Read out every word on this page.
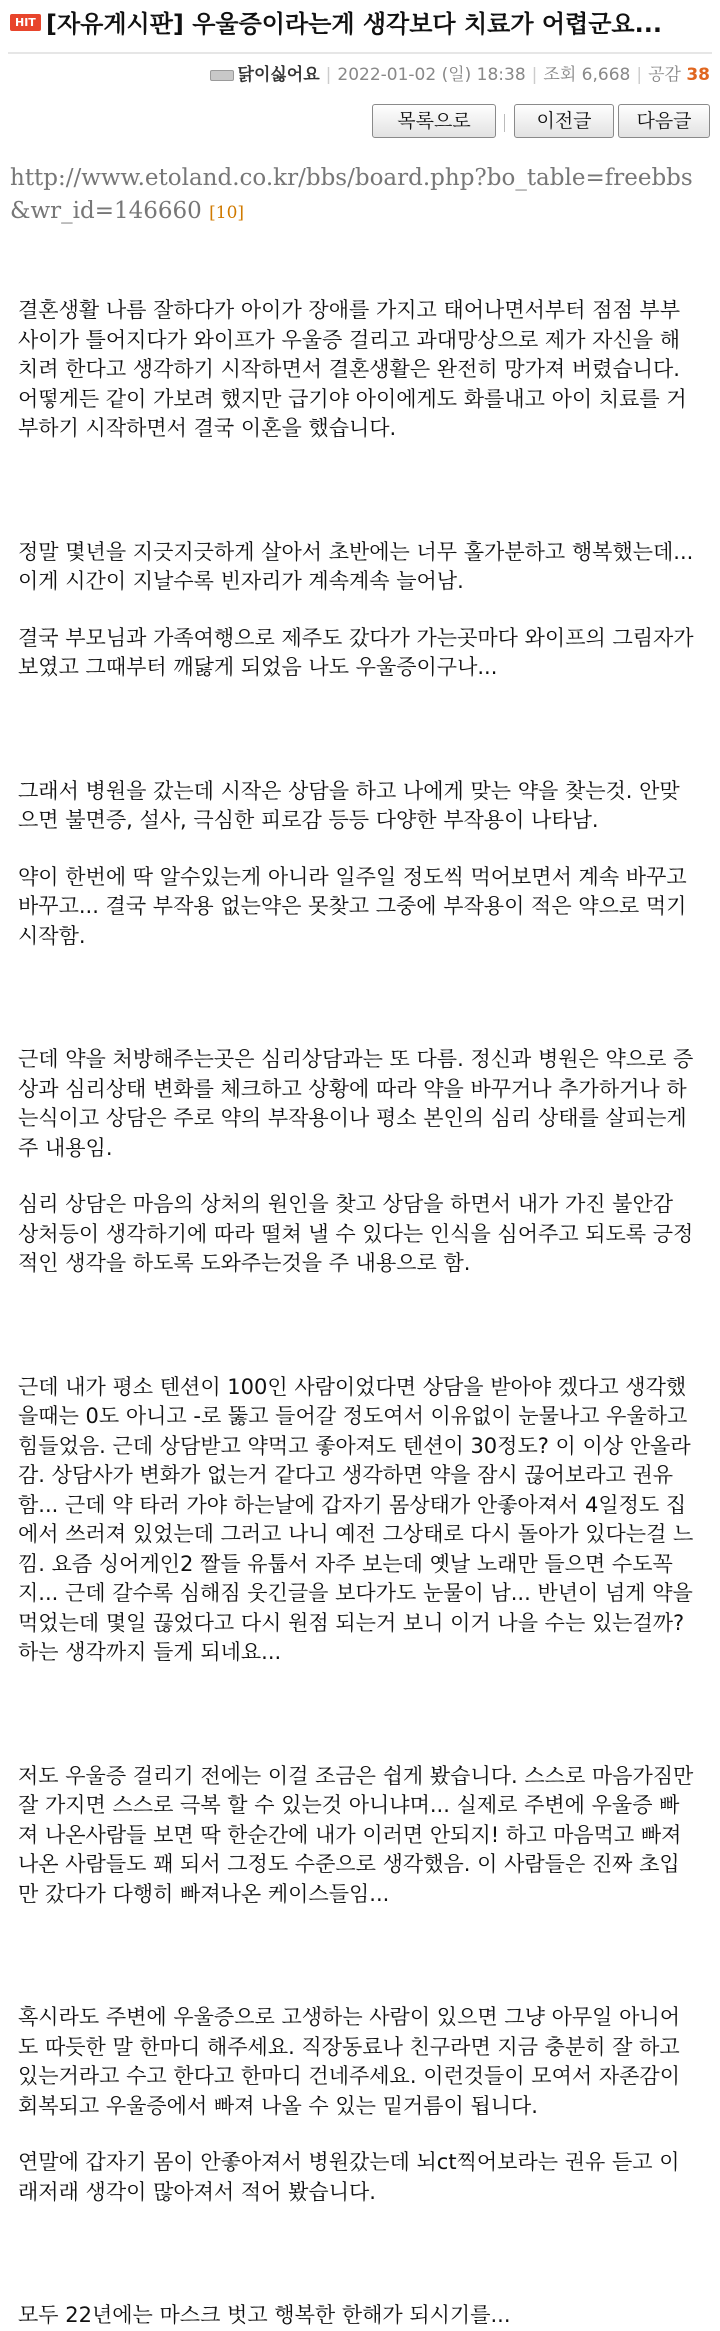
HIT [자유게시판] 우울증이라는게 생각보다 치료가 어렵군요...
닭이싫어요 | 2022-01-02 (일) 18:38 | 조회 6,668 | 공감 38
목록으로	이전글	다음글
http://www.etoland.co.kr/bbs/board.php?bo_table=freebbs&wr_id=146660 [10]

결혼생활 나름 잘하다가 아이가 장애를 가지고 태어나면서부터 점점 부부사이가 틀어지다가 와이프가 우울증 걸리고 과대망상으로 제가 자신을 해치려 한다고 생각하기 시작하면서 결혼생활은 완전히 망가져 버렸습니다. 어떻게든 같이 가보려 했지만 급기야 아이에게도 화를내고 아이 치료를 거부하기 시작하면서 결국 이혼을 했습니다.

정말 몇년을 지긋지긋하게 살아서 초반에는 너무 홀가분하고 행복했는데... 이게 시간이 지날수록 빈자리가 계속계속 늘어남.

결국 부모님과 가족여행으로 제주도 갔다가 가는곳마다 와이프의 그림자가 보였고 그때부터 깨닳게 되었음 나도 우울증이구나...

그래서 병원을 갔는데 시작은 상담을 하고 나에게 맞는 약을 찾는것. 안맞으면 불면증, 설사, 극심한 피로감 등등 다양한 부작용이 나타남.

약이 한번에 딱 알수있는게 아니라 일주일 정도씩 먹어보면서 계속 바꾸고 바꾸고... 결국 부작용 없는약은 못찾고 그중에 부작용이 적은 약으로 먹기 시작함.

근데 약을 처방해주는곳은 심리상담과는 또 다름. 정신과 병원은 약으로 증상과 심리상태 변화를 체크하고 상황에 따라 약을 바꾸거나 추가하거나 하는식이고 상담은 주로 약의 부작용이나 평소 본인의 심리 상태를 살피는게 주 내용임.

심리 상담은 마음의 상처의 원인을 찾고 상담을 하면서 내가 가진 불안감 상처등이 생각하기에 따라 떨쳐 낼 수 있다는 인식을 심어주고 되도록 긍정적인 생각을 하도록 도와주는것을 주 내용으로 함.

근데 내가 평소 텐션이 100인 사람이었다면 상담을 받아야 겠다고 생각했을때는 0도 아니고 -로 뚫고 들어갈 정도여서 이유없이 눈물나고 우울하고 힘들었음. 근데 상담받고 약먹고 좋아져도 텐션이 30정도? 이 이상 안올라감. 상담사가 변화가 없는거 같다고 생각하면 약을 잠시 끊어보라고 권유함... 근데 약 타러 가야 하는날에 갑자기 몸상태가 안좋아져서 4일정도 집에서 쓰러져 있었는데 그러고 나니 예전 그상태로 다시 돌아가 있다는걸 느낌. 요즘 싱어게인2 짤들 유툽서 자주 보는데 옛날 노래만 들으면 수도꼭지... 근데 갈수록 심해짐 웃긴글을 보다가도 눈물이 남... 반년이 넘게 약을 먹었는데 몇일 끊었다고 다시 원점 되는거 보니 이거 나을 수는 있는걸까? 하는 생각까지 들게 되네요...

저도 우울증 걸리기 전에는 이걸 조금은 쉽게 봤습니다. 스스로 마음가짐만 잘 가지면 스스로 극복 할 수 있는것 아니냐며... 실제로 주변에 우울증 빠져 나온사람들 보면 딱 한순간에 내가 이러면 안되지! 하고 마음먹고 빠져 나온 사람들도 꽤 되서 그정도 수준으로 생각했음. 이 사람들은 진짜 초입만 갔다가 다행히 빠져나온 케이스들임...

혹시라도 주변에 우울증으로 고생하는 사람이 있으면 그냥 아무일 아니어도 따듯한 말 한마디 해주세요. 직장동료나 친구라면 지금 충분히 잘 하고 있는거라고 수고 한다고 한마디 건네주세요. 이런것들이 모여서 자존감이 회복되고 우울증에서 빠져 나올 수 있는 밑거름이 됩니다.

연말에 갑자기 몸이 안좋아져서 병원갔는데 뇌ct찍어보라는 권유 듣고 이래저래 생각이 많아져서 적어 봤습니다.

모두 22년에는 마스크 벗고 행복한 한해가 되시기를...
